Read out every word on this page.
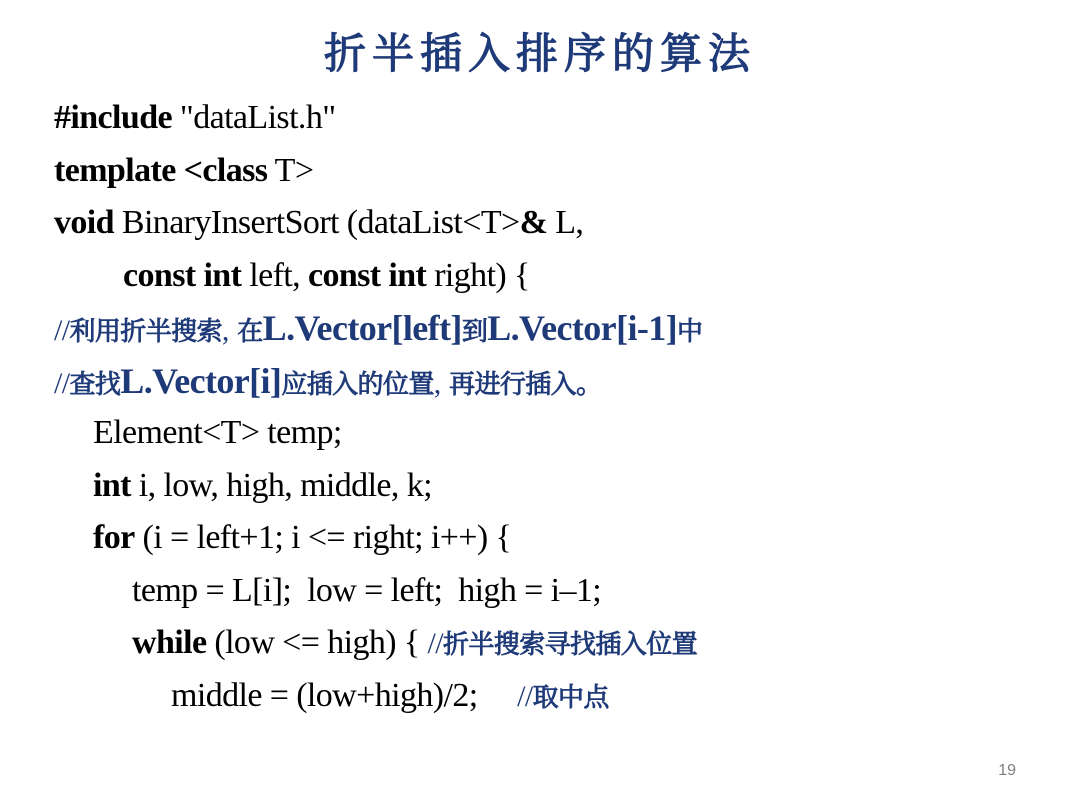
折半插入排序的算法
#include "dataList.h"
template <class T>
void BinaryInsertSort (dataList<T>& L,
const int left, const int right) {
//利用折半搜索, 在L.Vector[left]到L.Vector[i-1]中
//查找L.Vector[i]应插入的位置, 再进行插入。
Element<T> temp;
int i, low, high, middle, k;
for (i = left+1; i <= right; i++) {
temp = L[i];  low = left;  high = i–1;
while (low <= high) { //折半搜索寻找插入位置
middle = (low+high)/2;     //取中点
19
